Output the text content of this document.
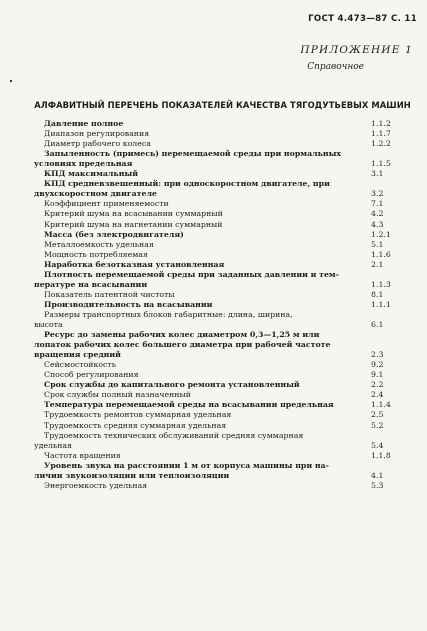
ГОСТ 4.473—87 С. 11
ПРИЛОЖЕНИЕ 1
Справочное
АЛФАВИТНЫЙ ПЕРЕЧЕНЬ ПОКАЗАТЕЛЕЙ КАЧЕСТВА ТЯГОДУТЬЕВЫХ МАШИН
Давление полное	1.1.2
Диапазон регулирования	1.1.7
Диаметр рабочего колеса	1.2.2
Запыленность (примесь) перемещаемой среды при нормальных
условиях предельная	1.1.5
КПД максимальный	3.1
КПД средневзвешенный: при односкоростном двигателе, при
двухскоростном двигателе	3.2
Коэффициент применяемости	7.1
Критерий шума на всасывании суммарный	4.2
Критерий шума на нагнетании суммарный	4.3
Масса (без электродвигателя)	1.2.1
Металлоемкость удельная	5.1
Мощность потребляемая	1.1.6
Наработка безотказная установленная	2.1
Плотность перемещаемой среды при заданных давлении и тем-
пературе на всасывании	1.1.3
Показатель патентной чистоты	8.1
Производительность на всасывании	1.1.1
Размеры транспортных блоков габаритные: длина, ширина,
высота	6.1
Ресурс до замены рабочих колес диаметром 0,3—1,25 м или
лопаток рабочих колес большего диаметра при рабочей частоте
вращения средний	2.3
Сейсмостойкость	9.2
Способ регулирования	9.1
Срок службы до капитального ремонта установленный	2.2
Срок службы полный назначенный	2.4
Температура перемещаемой среды на всасывании предельная	1.1.4
Трудоемкость ремонтов суммарная удельная	2.5
Трудоемкость средняя суммарная удельная	5.2
Трудоемкость технических обслуживаний средняя суммарная
удельная	5.4
Частота вращения	1.1.8
Уровень звука на расстоянии 1 м от корпуса машины при на-
личии звукоизоляции или теплоизоляции	4.1
Энергоемкость удельная	5.3
